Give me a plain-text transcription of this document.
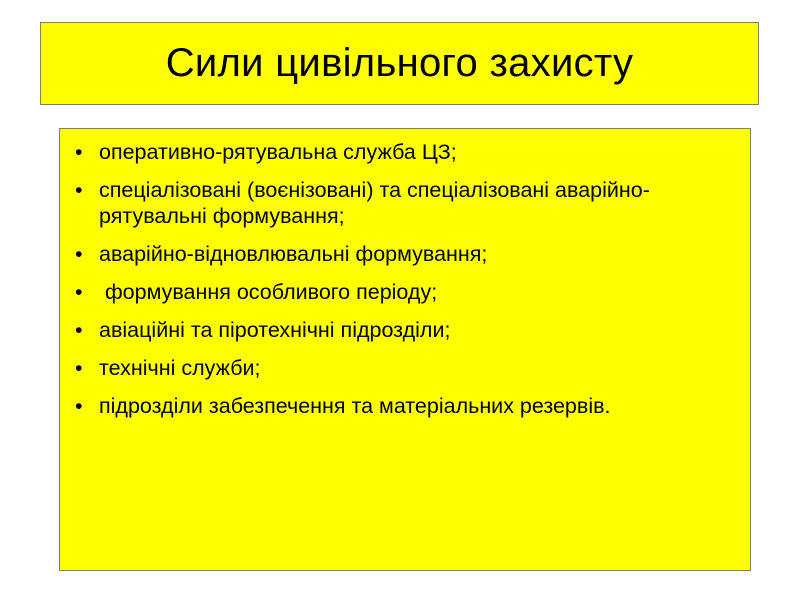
Сили цивільного захисту
• оперативно-рятувальна служба ЦЗ;
• спеціалізовані (воєнізовані) та спеціалізовані аварійно-рятувальні формування;
• аварійно-відновлювальні формування;
• формування особливого періоду;
• авіаційні та піротехнічні підрозділи;
• технічні служби;
• підрозділи забезпечення та матеріальних резервів.
